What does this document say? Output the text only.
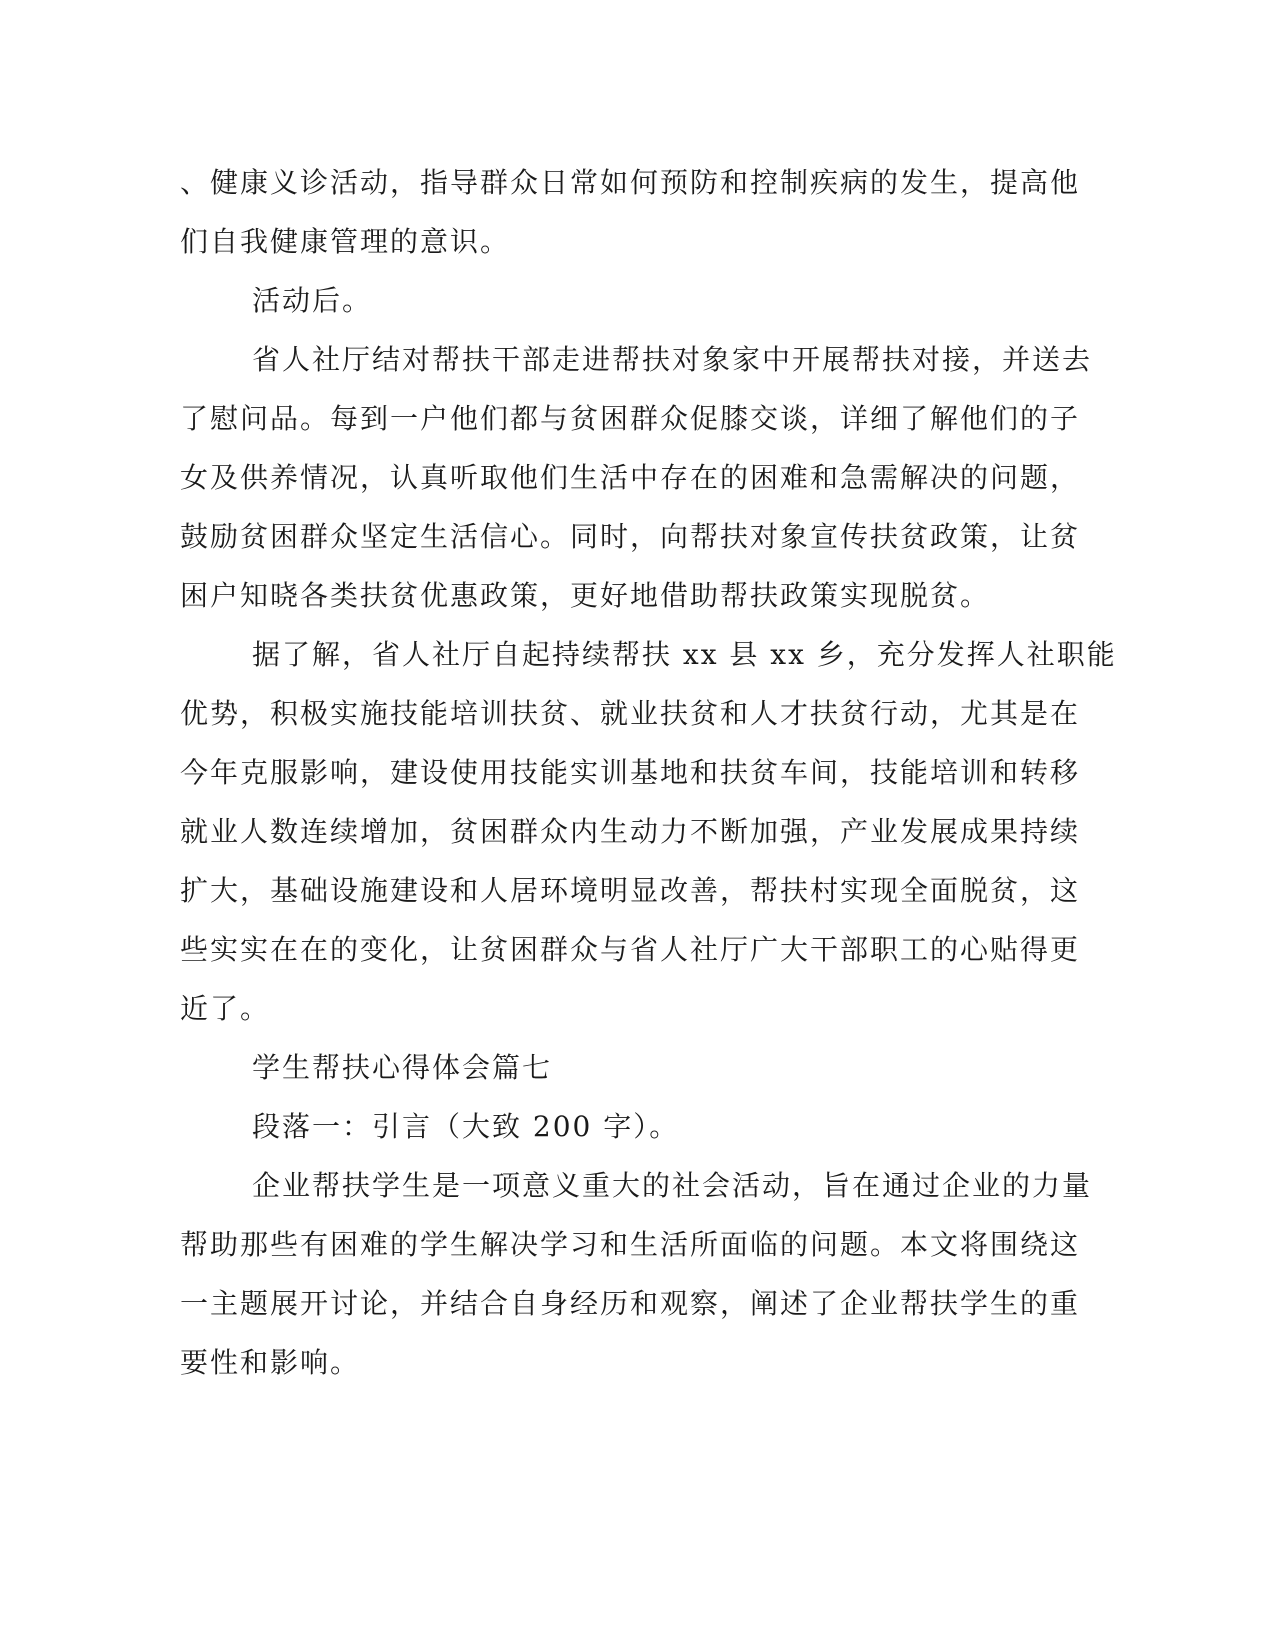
、健康义诊活动，指导群众日常如何预防和控制疾病的发生，提高他
们自我健康管理的意识。
活动后。
省人社厅结对帮扶干部走进帮扶对象家中开展帮扶对接，并送去
了慰问品。每到一户他们都与贫困群众促膝交谈，详细了解他们的子
女及供养情况，认真听取他们生活中存在的困难和急需解决的问题，
鼓励贫困群众坚定生活信心。同时，向帮扶对象宣传扶贫政策，让贫
困户知晓各类扶贫优惠政策，更好地借助帮扶政策实现脱贫。
据了解，省人社厅自起持续帮扶 xx 县 xx 乡，充分发挥人社职能
优势，积极实施技能培训扶贫、就业扶贫和人才扶贫行动，尤其是在
今年克服影响，建设使用技能实训基地和扶贫车间，技能培训和转移
就业人数连续增加，贫困群众内生动力不断加强，产业发展成果持续
扩大，基础设施建设和人居环境明显改善，帮扶村实现全面脱贫，这
些实实在在的变化，让贫困群众与省人社厅广大干部职工的心贴得更
近了。
学生帮扶心得体会篇七
段落一：引言（大致 200 字）。
企业帮扶学生是一项意义重大的社会活动，旨在通过企业的力量
帮助那些有困难的学生解决学习和生活所面临的问题。本文将围绕这
一主题展开讨论，并结合自身经历和观察，阐述了企业帮扶学生的重
要性和影响。
